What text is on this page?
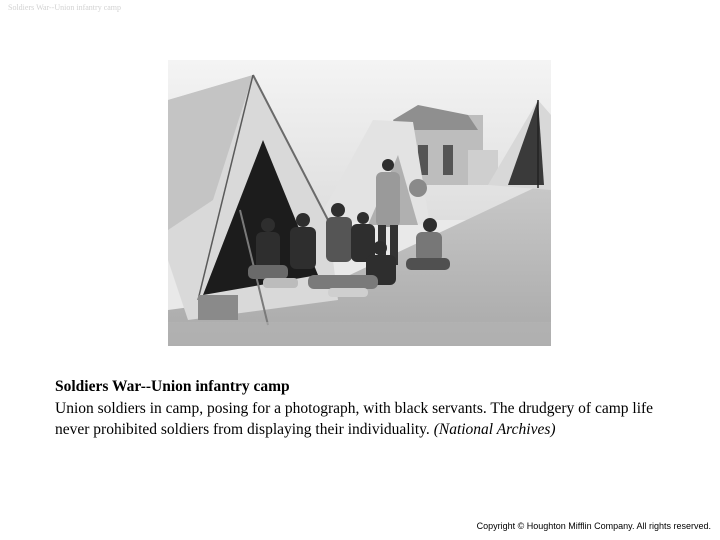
Soldiers War--Union infantry camp
Soldiers War--Union infantry camp
Union soldiers in camp, posing for a photograph, with black servants. The drudgery of camp life never prohibited soldiers from displaying their individuality. (National Archives)
Copyright © Houghton Mifflin Company. All rights reserved.
